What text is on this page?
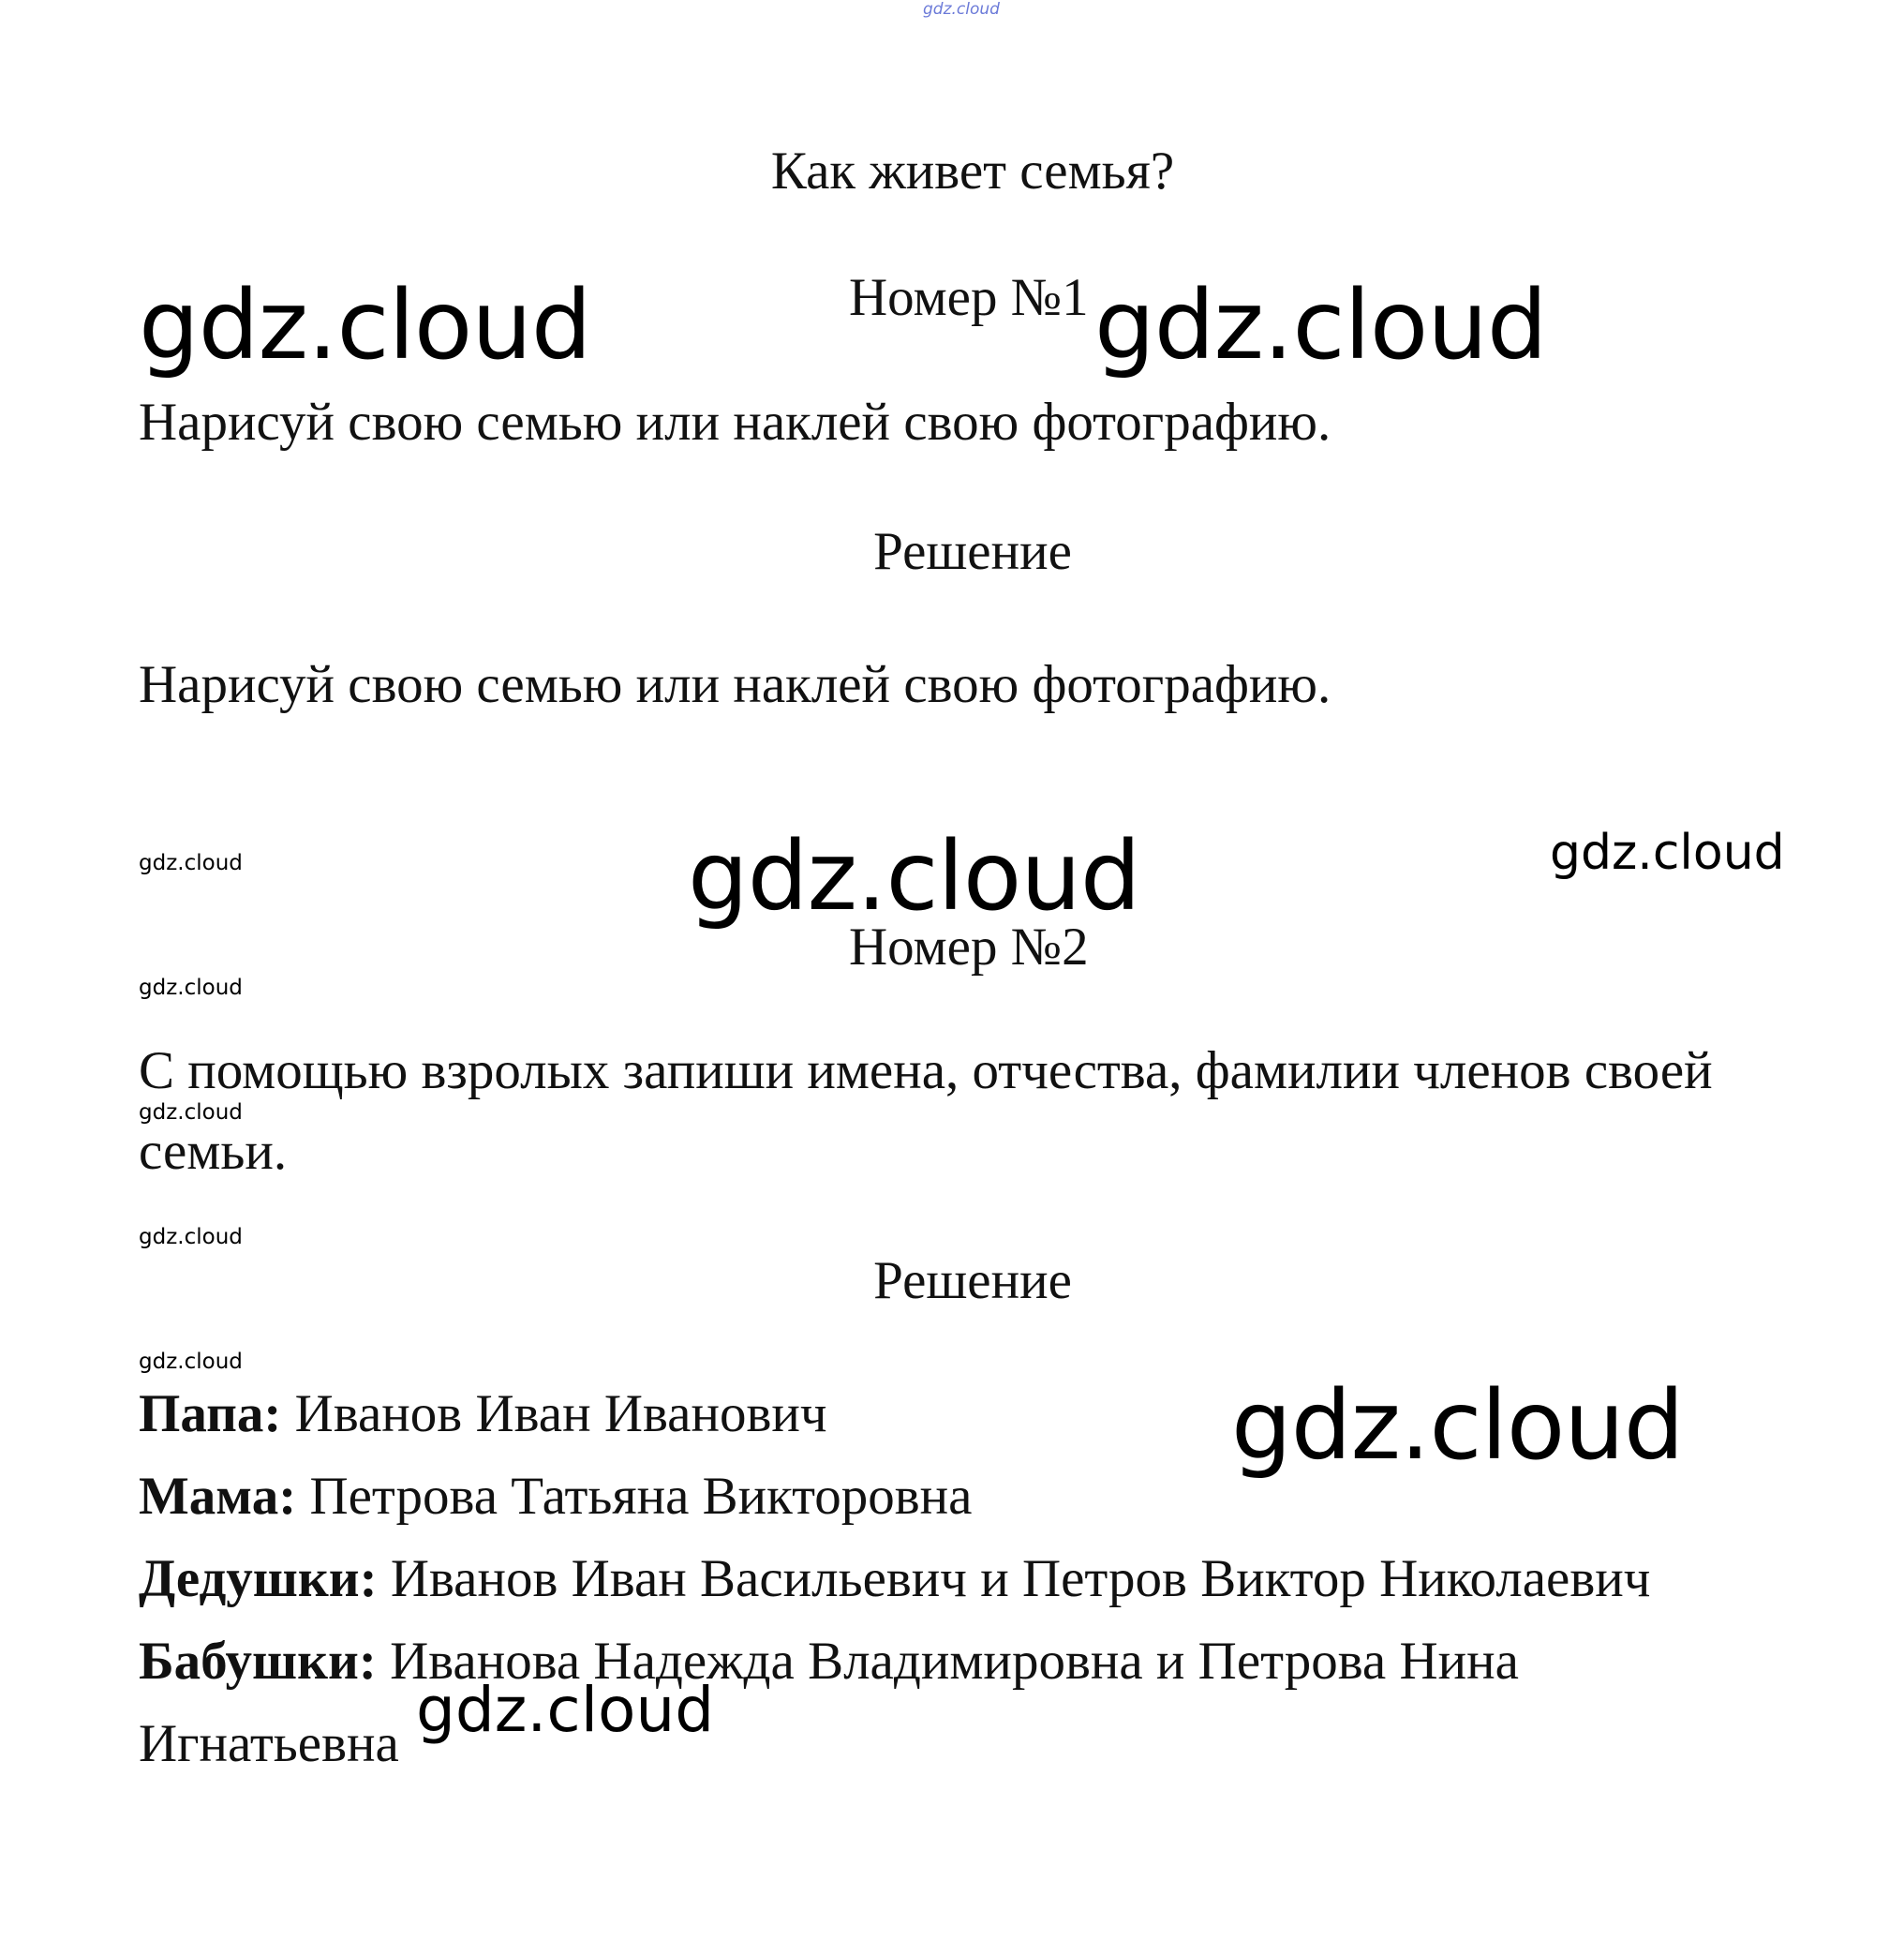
gdz.cloud
Как живет семья?
Номер №1
gdz.cloud	gdz.cloud
Нарисуй свою семью или наклей свою фотографию.
Решение
Нарисуй свою семью или наклей свою фотографию.
gdz.cloud	gdz.cloud	gdz.cloud
Номер №2
gdz.cloud
С помощью взролых запиши имена, отчества, фамилии членов своей
gdz.cloud
семьи.
gdz.cloud
Решение
gdz.cloud
Папа: Иванов Иван Иванович	gdz.cloud
Мама: Петрова Татьяна Викторовна
Дедушки: Иванов Иван Васильевич и Петров Виктор Николаевич
Бабушки: Иванова Надежда Владимировна и Петрова Нина
Игнатьевна gdz.cloud
